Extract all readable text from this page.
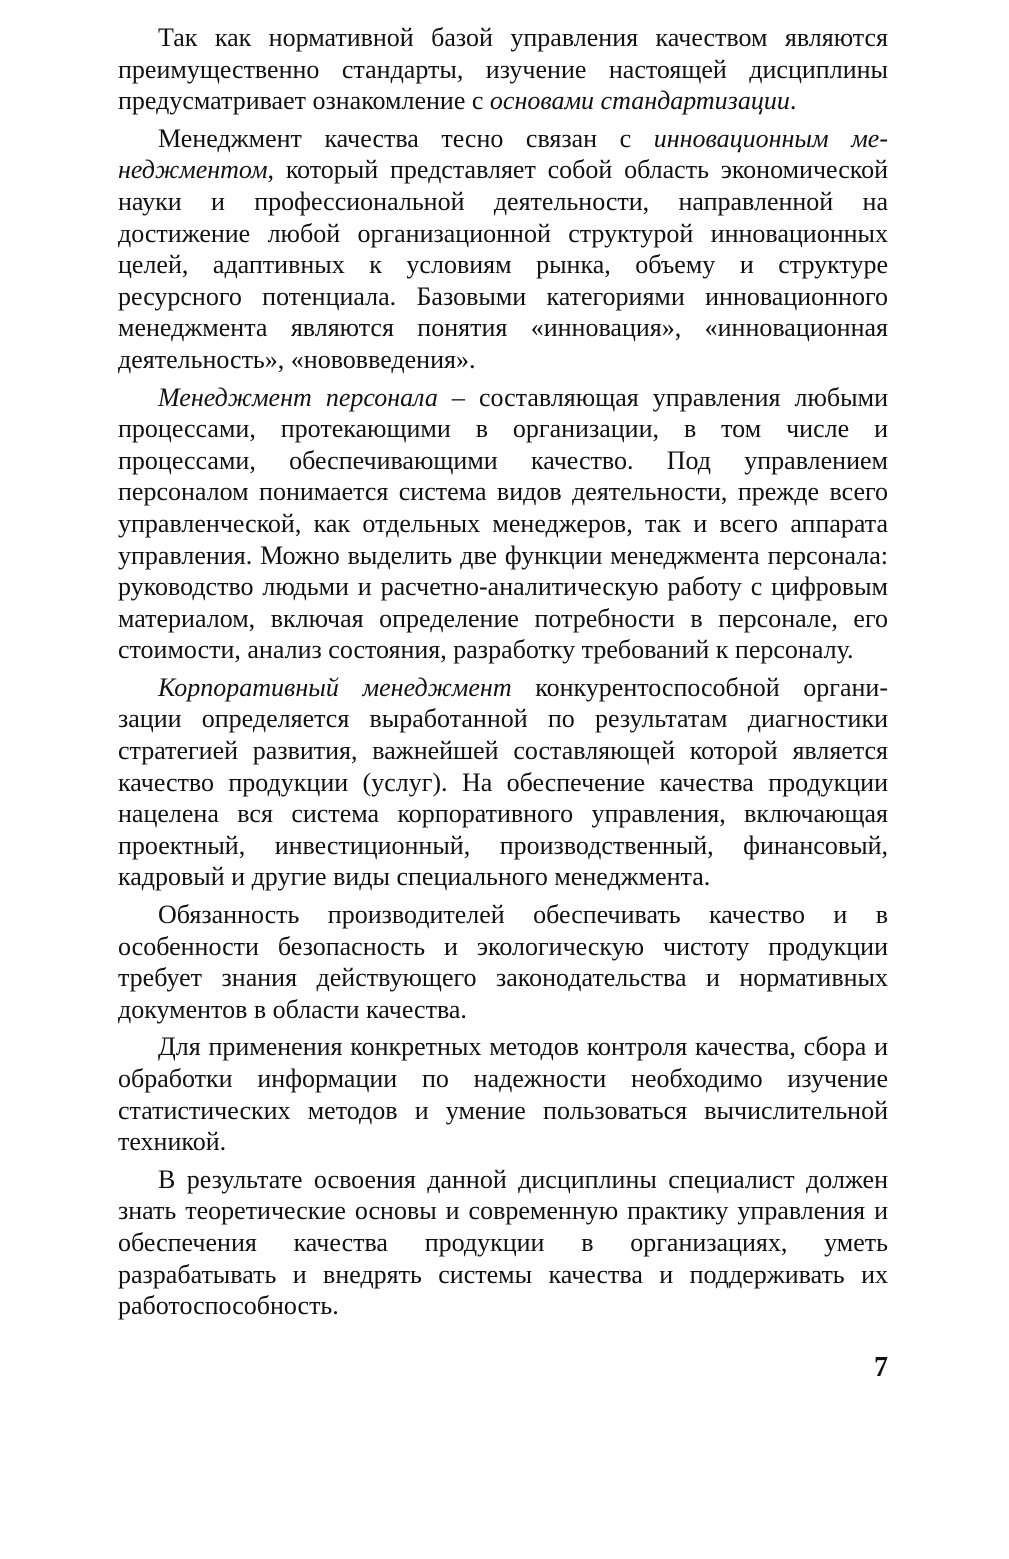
Так как нормативной базой управления качеством являются преимущественно стандарты, изучение настоящей дисциплины предусматривает ознакомление с основами стандартизации.

Менеджмент качества тесно связан с инновационным менеджментом, который представляет собой область экономической науки и профессиональной деятельности, направленной на достижение любой организационной структурой инновационных целей, адаптивных к условиям рынка, объему и структуре ресурсного потенциала. Базовыми категориями инновационного менеджмента являются понятия «инновация», «инновационная деятельность», «нововведения».

Менеджмент персонала – составляющая управления любыми процессами, протекающими в организации, в том числе и процессами, обеспечивающими качество. Под управлением персоналом понимается система видов деятельности, прежде всего управленческой, как отдельных менеджеров, так и всего аппарата управления. Можно выделить две функции менеджмента персонала: руководство людьми и расчетно-аналитическую работу с цифровым материалом, включая определение потребности в персонале, его стоимости, анализ состояния, разработку требований к персоналу.

Корпоративный менеджмент конкурентоспособной организации определяется выработанной по результатам диагностики стратегией развития, важнейшей составляющей которой является качество продукции (услуг). На обеспечение качества продукции нацелена вся система корпоративного управления, включающая проектный, инвестиционный, производственный, финансовый, кадровый и другие виды специального менеджмента.

Обязанность производителей обеспечивать качество и в особенности безопасность и экологическую чистоту продукции требует знания действующего законодательства и нормативных документов в области качества.

Для применения конкретных методов контроля качества, сбора и обработки информации по надежности необходимо изучение статистических методов и умение пользоваться вычислительной техникой.

В результате освоения данной дисциплины специалист должен знать теоретические основы и современную практику управления и обеспечения качества продукции в организациях, уметь разрабатывать и внедрять системы качества и поддерживать их работоспособность.

7
